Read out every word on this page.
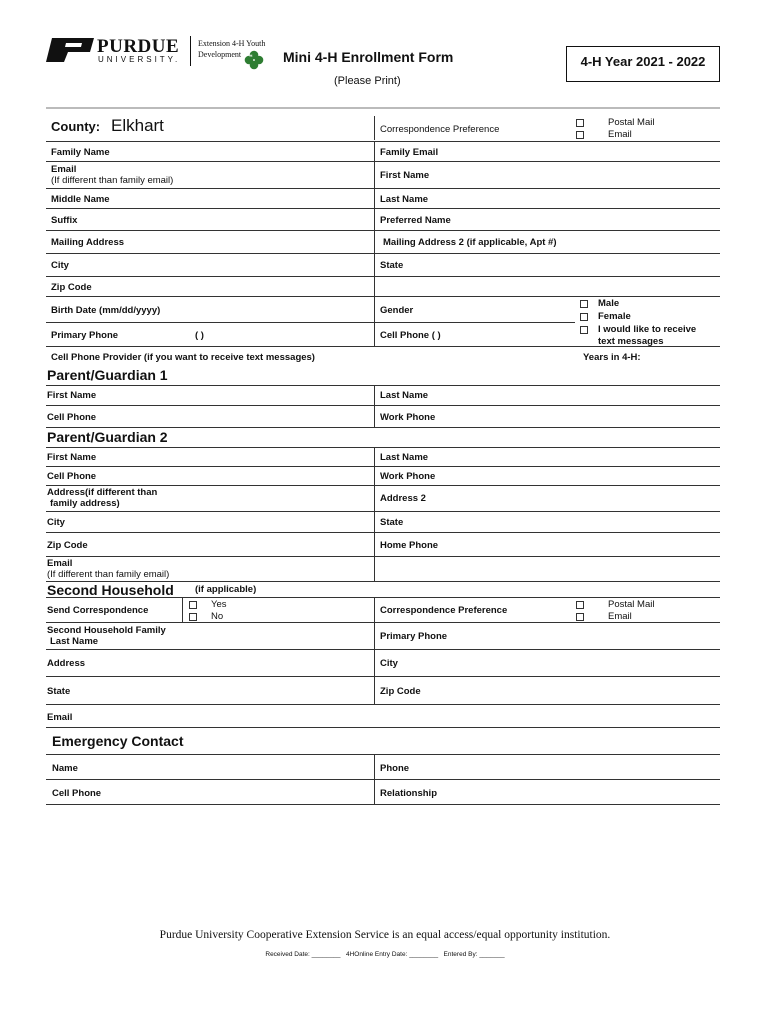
PURDUE
UNIVERSITY.
Extension 4-H Youth
Development H Mini 4-H Enrollment Form
(Please Print)
4-H Year 2021 - 2022
County: Elkhart	Correspondence Preference
Postal Mail
Email
Family Name	Family Email
Email
(If different than family email)	First Name
Middle Name	Last Name
Suffix	Preferred Name
Mailing Address	Mailing Address 2 (if applicable, Apt #)
City	State
Zip Code
Birth Date (mm/dd/yyyy)	Gender
Male
Female
I would like to receive
text messages
Primary Phone	( )	Cell Phone ( )
Cell Phone Provider (if you want to receive text messages)	Years in 4-H:
Parent/Guardian 1
First Name	Last Name
Cell Phone	Work Phone
Parent/Guardian 2
First Name	Last Name
Cell Phone	Work Phone
Address(if different than
family address)	Address 2
City	State
Zip Code	Home Phone
Email
(If different than family email)
Second Household (if applicable)
Send Correspondence
Yes
No
Correspondence Preference
Postal Mail
Email
Second Household Family
Last Name	Primary Phone
Address	City
State	Zip Code
Email
Emergency Contact
Name	Phone
Cell Phone	Relationship
Purdue University Cooperative Extension Service is an equal access/equal opportunity institution.
Received Date: ________ 4HOnline Entry Date: ________ Entered By: _______
